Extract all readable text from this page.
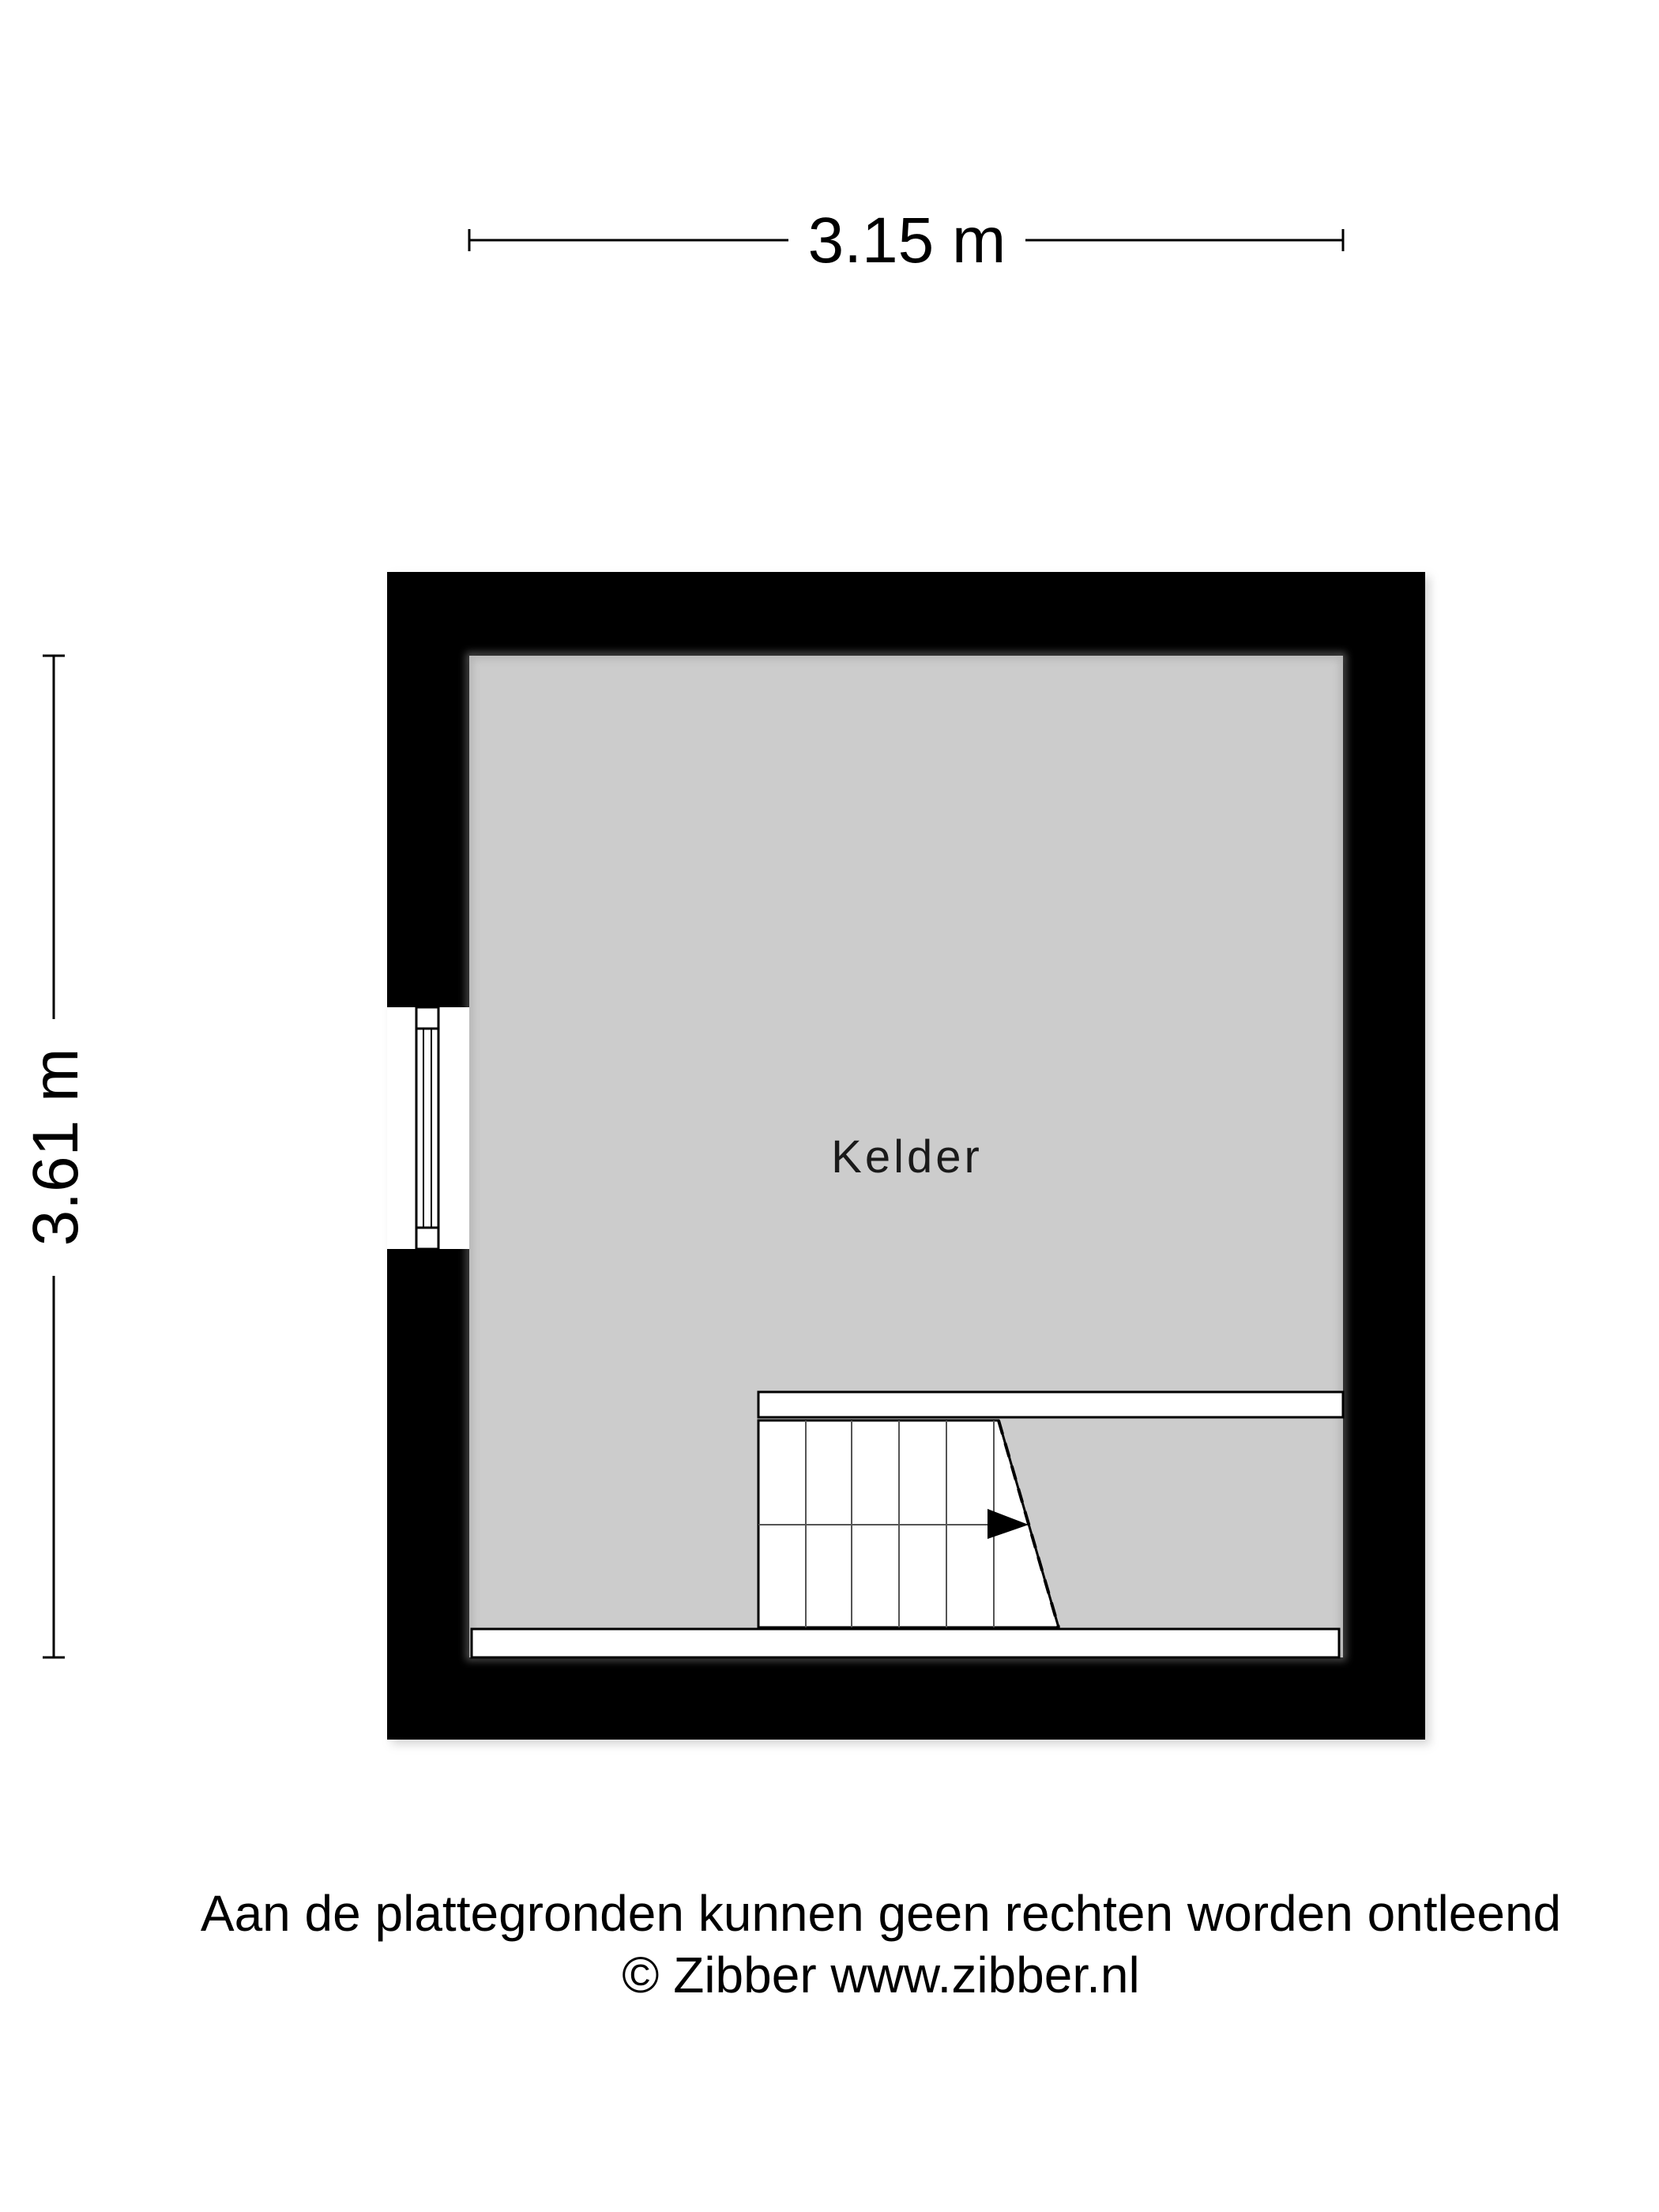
3.15 m
3.61 m	Kelder

Aan de plattegronden kunnen geen rechten worden ontleend

© Zibber www.zibber.nl
